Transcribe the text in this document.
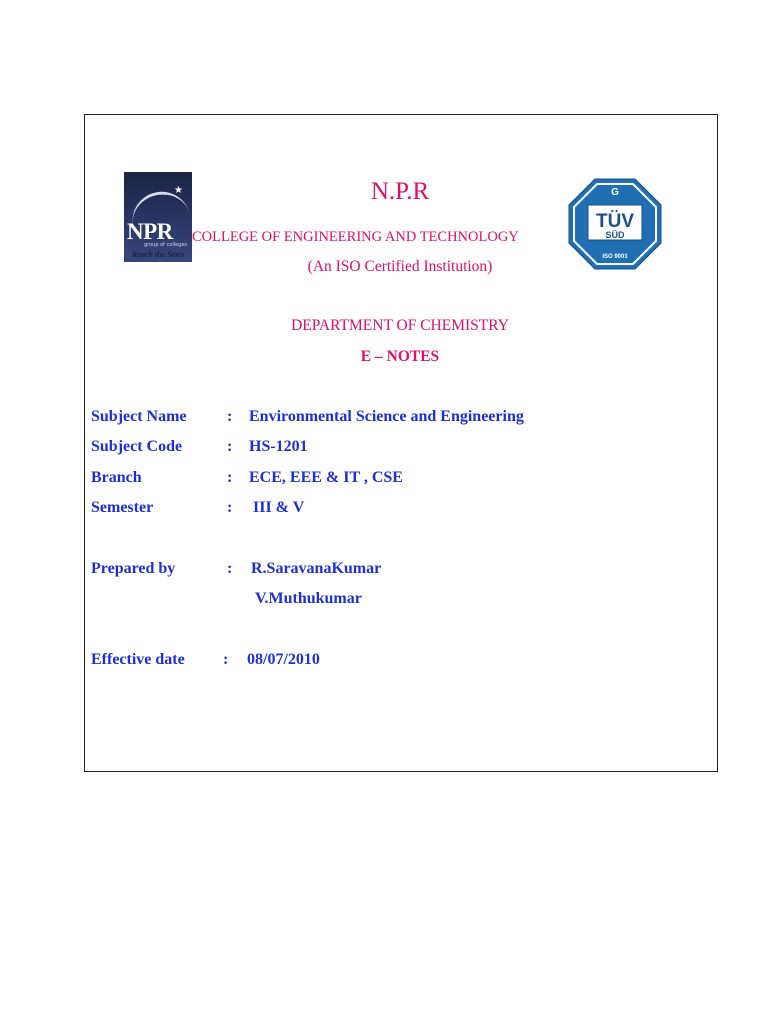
★
NPR
group of colleges
Reach the Stars
TÜV
SÜD
G
ISO 9001
N.P.R
COLLEGE OF ENGINEERING AND TECHNOLOGY
(An ISO Certified Institution)
DEPARTMENT OF CHEMISTRY
E – NOTES
Subject Name	: Environmental Science and Engineering
Subject Code	: HS-1201
Branch	: ECE, EEE & IT , CSE
Semester	: III & V
Prepared by	: R.SaravanaKumar
V.Muthukumar
Effective date : 08/07/2010
